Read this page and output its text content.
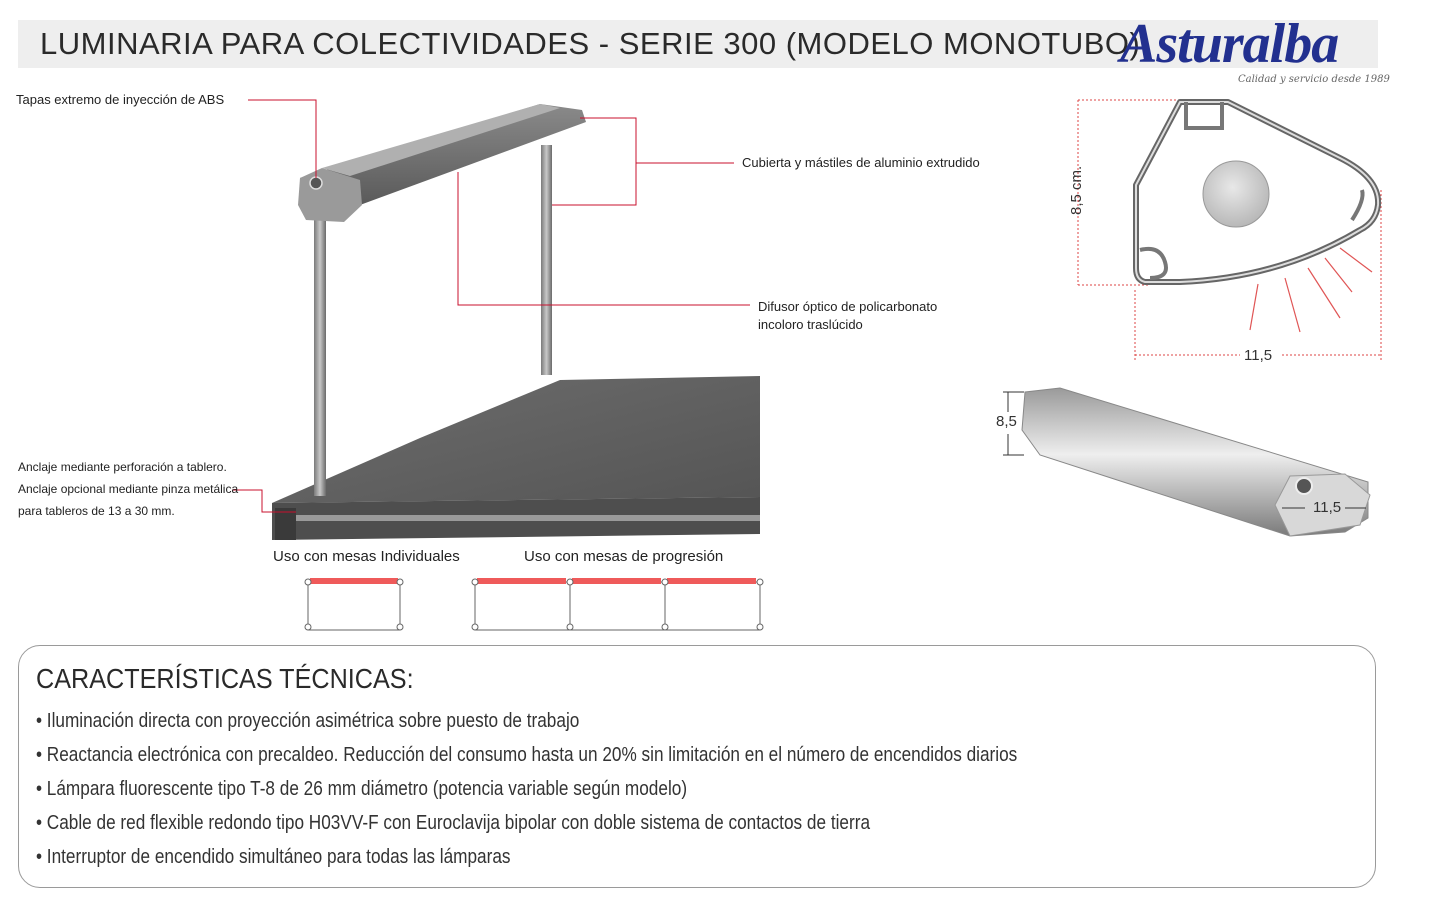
LUMINARIA PARA COLECTIVIDADES - SERIE 300 (MODELO MONOTUBO)
Asturalba
Calidad y servicio desde 1989
Tapas extremo de inyección de ABS
Cubierta y mástiles de aluminio extrudido
Difusor óptico de policarbonato
incoloro traslúcido
Anclaje mediante perforación a tablero.
Anclaje opcional mediante pinza metálica
para tableros de 13 a 30 mm.
Uso con mesas Individuales	Uso con mesas de progresión
8,5 cm.
11,5
8,5
11,5
CARACTERÍSTICAS TÉCNICAS:
• Iluminación directa con proyección asimétrica sobre puesto de trabajo
• Reactancia electrónica con precaldeo. Reducción del consumo hasta un 20% sin limitación en el número de encendidos diarios
• Lámpara fluorescente tipo T-8 de 26 mm diámetro (potencia variable según modelo)
• Cable de red flexible redondo tipo H03VV-F con Euroclavija bipolar con doble sistema de contactos de tierra
• Interruptor de encendido simultáneo para todas las lámparas
